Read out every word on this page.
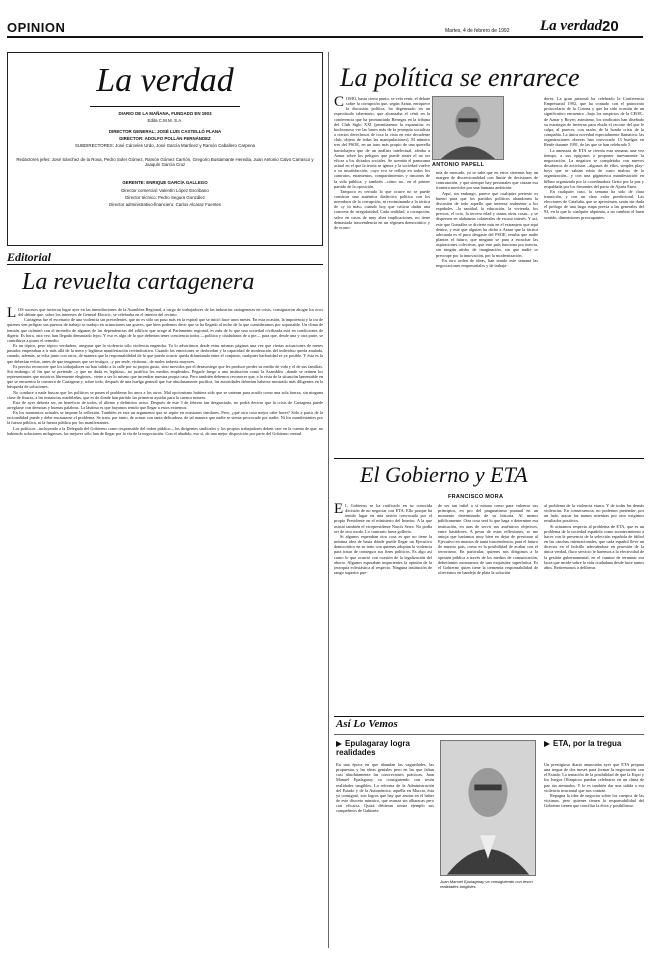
OPINION	Martes, 4 de febrero de 1992 La verdad 20
La verdad
DIARIO DE LA MAÑANA, FUNDADO EN 1903
Edita C.M.M. S.A.
DIRECTOR GENERAL: JOSÉ LUIS CASTELLÓ PLANA
DIRECTOR: ADOLFO POLLÁN FERNÁNDEZ
SUBDIRECTORES: José Cárceles Urdo, José García Martínez y Ramón Caballero Carpena
Redactores jefes: José Sánchez de la Rosa, Pedro Soler Gómez, Ramón Gómez Carrión, Gregorio Bustamante Heredia, Juan Antonio Calvo Carrasco y Joaquín García Cruz
GERENTE: ENRIQUE GARCÍA GALLEGO
Director comercial: Valentín López Escribano
Director técnico: Pedro Segura González
Director administrativo-financiero: Carlos Alcaraz Fuentes
Editorial
La revuelta cartagenera

LOS sucesos que tuvieron lugar ayer en las inmediaciones de la Asamblea Regional, a cargo de trabajadores de las industrias cartageneras en crisis, consiguieron ahogar los ecos del debate que, sobre los intereses de General Electric, se celebraba en el interior del recinto.

Cartagena fue el escenario de una violencia sin precedentes, que no es sólo un paso más en la espiral que se inició hace unos meses. En esta ocasión, la impotencia y la ira de quienes ven peligrar sus puestos de trabajo se tradujo en actuaciones tan graves, que bien podemos decir que se ha llegado al techo de lo que consideramos por soportable. Un clima de tensión que culminó con el incendio de algunas de las dependencias del edificio que acoge al Parlamento regional, es más de lo que una sociedad civilizada está en condiciones de digerir. Es hora, otra vez, han llegado demasiado lejos. Y eso es algo de lo que deberían tener conciencia todos —política y ciudadanos de a pie— para que, desde una y otra parte, se contribuya a poner el remedio.

Es un tópico, pero tópico verdadero, asegurar que la violencia sólo violencia engendra. Ya lo advertimos desde estas mismas páginas una vez que ciertas actuaciones de meses pasados empezaban a ir más allá de la mera y legítima manifestación reivindicativa. Cuando las emociones se desbordan y la capacidad de moderación del individuo queda anulada, cuando, además, se echa junto con otros, de manera que la responsabilidad de lo que pueda ocurrir queda difuminada entre el conjunto, cualquier barbaridad es ya posible. Y ésta es la que deberían evitar, antes de que tengamos que ser testigos –y por ende, víctimas– de males todavía mayores.

Es preciso reconocer que los trabajadores no han salido a la calle por su propio gusto, sino movidos por el desasosiego que les produce perder su medio de vida y el de sus familias. Sin embargo, el fin que se pretende –y que no duda es legítimo– no justifica los medios empleados. Pegarle fuego a una institución como la Asamblea –donde se reúnen los representantes que nosotros libremente elegimos– viene a ser lo mismo que incendiar nuestra propia casa. Pero también debemos reconocer que, a la vista de la situación lamentable en que se encuentra la comarca de Cartagena y, sobre todo, después de una huelga general que fue absolutamente pacífica, las autoridades deberían haberse mostrado más diligentes en la búsqueda de soluciones.

No conduce a nada buscar que los políticos se pasen el problema los unos a los otros. Mal opcionismo hubiera sido que se unieran para acudir como una sola fuerza, sin ninguna clase de fisuras, a las instancias madrileñas, que es de donde han partido las primeras ayudas para la cuenca minera.

Este de ayer debería ser, en beneficio de todos, el último y definitivo aviso. Después de este 3 de febrero tan desgraciado, no podrá decirse que la crisis de Cartagena puede arreglarse con demoras y buenas palabras. La lástima es que hayamos tenido que llegar a estos extremos.

En los momentos actuales se impone la reflexión. También es este un argumento que se repite en ocasiones similares. Pero, ¿qué otra cosa mejor cabe hacer? Sólo a partir de la racionalidad puede y debe encauzarse el problema. Se trata, por tanto, de actuar con tanta delicadeza, de tal manera que nadie se sienta provocado por nadie. Ni los manifestantes por la fuerza pública, ni la fuerza pública por los manifestantes.

Los políticos –incluyendo a la Delegada del Gobierno como responsable del orden público–, los dirigentes sindicales y los propios trabajadores deben caer en la cuenta de que, no habiendo soluciones milagrosas, las mejores sólo han de llegar por la vía de la negociación. Con el añadido, eso sí, de una mejor disposición por parte del Gobierno central.

La política se enrarece
ANTONIO PAPELL

COMO, hasta cierto punto, se veía venir, el debate sobre la corrupción que, según Aznar, enriquece la discusión política, ha degenerado en un espectáculo tabernario, que alcanzaba el cénit en la conferencia que ha pronunciado Benegas en la tribuna del Club Siglo XXI (permítaseme la expansión: es bochornoso ver las bases más de la jerarquía socialista a ciertos derechosos de toca la vista en este decadente club, objeto de todas las manipulaciones). El número tres del PSOE, en un tono más propio de una querella barriobajera que de un análisis intelectual, afeaba a Aznar sobre los peligros que puede atraer el no ser eficaz a los dictados sociales. Se acentúa el panorama actual en el que la teoría se ignora y la sociedad vuelve a su insatisfacción, cuyo eco se refleja en todos los contratos, estamentos, compartimientos y rincones de la vida pública, y también –cómo no– en el primer partido de la oposición.

Tampoco es cerrado lo que ocurre no se puede construir una auténtica dialéctica política con los miembros de la corrupción, ni recriminando a la táctica de «y tú más» cuando hoy que criticar dadas una concreta de irregularidad. Cada realidad, a corrupción, salvo en casos de muy altas implicaciones, no tiene demasiada trascendencia en un régimen democrático y de econo-

mía de mercado, ya se sabe que en estos sistemas hay un margen de discrecionalidad con límite de decisiones de contratación, y que siempre hay personales que cruzan esa frontera movidos por una humana ambición.

Aquí, sin embargo, parece que cualquier pretexto es bueno para que los partidos políticos abandonen la discusión de todo aquello que interesa realmente a los españoles –la sanidad, la educación, la vivienda, los precios, el ocio, la tercera edad y tantas otras cosas– y se dispersen en alabanzas colaterales de escaso interés. Y así, este que González se divierte más en el extranjero que aquí dentro, y este que alguien ha dicho a Aznar que la táctica adecuada es el puro desgaste del PSOE, resulta que nadie plantea el futuro, que ninguno se para a escuchar las aspiraciones colectivas, que este país funciona por inercia, sin ningún atisbo de imaginación, sin que nadie se preocupe por la innovación, por la modernización.

En otro orden de ideas, han tenido este semana las negociaciones empresariales y de trabaja-

dores. La gran patronal ha celebrado la Conferencia Empresarial 1992, que ha contado con el patrocinio protocolario de la Corona y que ha sido ocasión de un significativo encuentro –bajo los auspicios de la CEOE– de Aznar y Boyer; asimismo, los sindicatos han diseñado su estrategia de invierno para eludir el recorte del que le calpa, al parecer, con razón, de la honda crisis de la compañía. La única novedad especialmente llamativa: las organizaciones obreras han convocado 13 huelgas en Renfe durante 1991, de las que se han celebrado 5.

La amenaza de ETA se ciernía esta semana, una vez tiempo, a sus epígonos a proponer nuevamente la negociación. La negativa se completaba con nuevos desafueros de activistas –algunos de ellos, simples play-boys que se sabían rubio de curro maloso de la organización– y con una gigantesca manifestación en bilbao organizada por la coordinadora Gesto por la paz y respaldada por los firmantes del pacto de Ajuria Enea.

En cualquier caso, la semana ha sido de clara transición, y con un claro valor preelectoral. Las elecciones de Cataluña, que se aproximan, serán sin duda el prólogo de una larga etapa previa a las generales del 93, en la que lo cualquier alquimia, a no cambiar el buen sentido, dimensiones preocupantes.

El Gobierno y ETA
FRANCISCO MORA

E L Gobierno se ha ratificado en su conocida decisión de no negociar con ETA. Ello porque ha tenido lugar en una sesión convocada por el propio Presidente en el ministerio del Interior. A la que asistió también el vicepresidente Narcís Serra. No podía ser de otro modo. Lo contrario fuera gollería.

Si algunos esperaban otra cosa es que no tiene la mínima idea de hasta dónde puede llegar un Ejecutivo democrático en su trato con quienes adoptan la violencia para tratar de conseguir sus fines políticos. Es algo así como lo que ocurrió con ocasión de la legalización del aborto. Algunos esperaban impacientes la opinión de la jerarquía eclesiástica al respecto. Ninguna institución de rango superior pue-

de ser tan infiel a sí misma como para vulnerar sus principios, en pro del pragmatismo puntual en un momento determinado de su historia. Al menos públicamente. Otra cosa será lo que haga o determine esa institución, en aras de servir sus auténticos objetivos, entre bastidores. A pesar de estas reflexiones, se me antoja que haríamos muy bien en dejar de presionar al Ejecutivo en asuntos de tanta trascendencia, para el futuro de nuestro país, como es la posibilidad de acabar con el terrorismo. En particular, quienes nos dirigimos a la opinión pública a través de los medios de comunicación, deberíamos mostrarnos de una exquisitez superlativa. Es el Gobierno quien tiene la tremenda responsabilidad de ofrecernos en bandeja de plata la solución

al problema de la violencia etarra. Y de todas las demás violencias. En consecuencia, no podemos pretender, por un lado, atacar las manos mientras por otro exigimos resultados positivos.

Si actuamos respecto al problema de ETA, que es un problema de la sociedad española como acontecimiento a hacer con la presencia de la selección española de fútbol en las canchas internacionales, que cada español lleve un director en el bolsillo adecuándose en posesión de la única verdad, flaco servicio le haremos a la efectividad de la gestión gubernamental, en el camino de terminar esa lacra que incide sobre la vida ciudadana desde hace tantos años. Retiremonos a deliberar.

Así Lo Vemos
Epulagaray logra realidades

En una época en que abundan las vaguedades, las propuestas y las ideas geniales pero en las que faltan casi absolutamente las concreciones prácticas, Juan Manuel Epalagaray va consiguiendo con tesón realidades tangibles. La reforma de la Administración del Estado y de la Autonómica, aquélla en Murcia, ésta ya consiguió, son logros que hay que anotar en el haber de este discreto ministro, que avanza sin alharacas pero con eficacia. Quizá debieran tomar ejemplo sus compañeros de Gabinete.

Juan Manuel Epulagaray va consiguiendo con tesón realidades tangibles
ETA, por la tregua

Un prestigioso diario anunciaba ayer que ETA prepara una tregua de dos meses para formar la negociación con el Estado. La tentación de la posibilidad de que la Expo y los Juegos Olímpicos puedan celebrarse en un clima de paz sin atentados. Y lo es también dar una salida a esa violencia irracional que nos contrae.

Repugna la idea de negociar sobre los cuerpos de las víctimas, pero quienes tienen la responsabilidad del Gobierno tienen que conciliar la ética y posibilismo.
